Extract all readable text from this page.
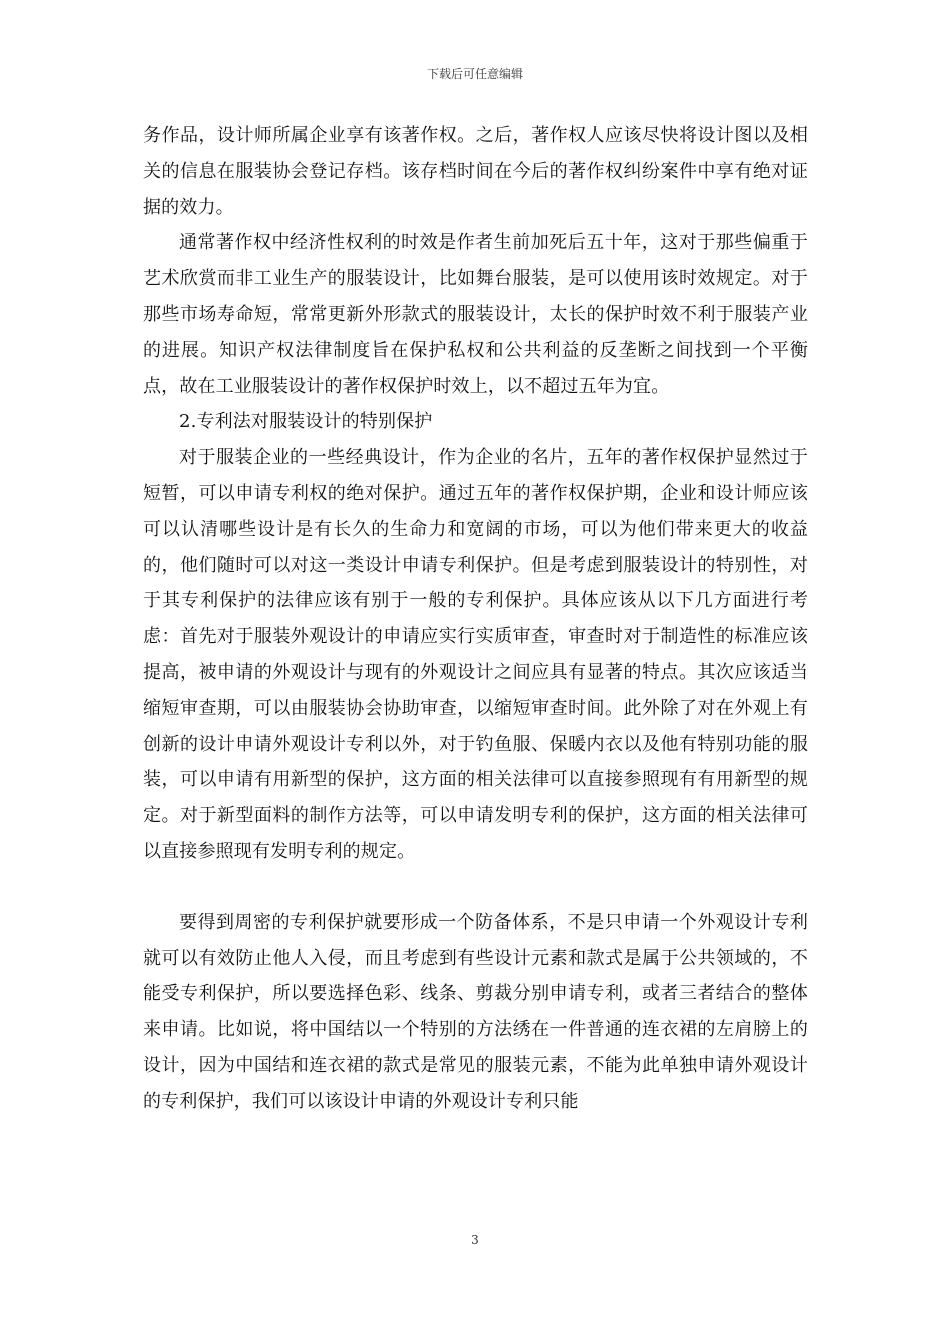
下载后可任意编辑

务作品，设计师所属企业享有该著作权。之后，著作权人应该尽快将设计图以及相关的信息在服装协会登记存档。该存档时间在今后的著作权纠纷案件中享有绝对证据的效力。

通常著作权中经济性权利的时效是作者生前加死后五十年，这对于那些偏重于艺术欣赏而非工业生产的服装设计，比如舞台服装，是可以使用该时效规定。对于那些市场寿命短，常常更新外形款式的服装设计，太长的保护时效不利于服装产业的进展。知识产权法律制度旨在保护私权和公共利益的反垄断之间找到一个平衡点，故在工业服装设计的著作权保护时效上，以不超过五年为宜。

2.专利法对服装设计的特别保护

对于服装企业的一些经典设计，作为企业的名片，五年的著作权保护显然过于短暂，可以申请专利权的绝对保护。通过五年的著作权保护期，企业和设计师应该可以认清哪些设计是有长久的生命力和宽阔的市场，可以为他们带来更大的收益的，他们随时可以对这一类设计申请专利保护。但是考虑到服装设计的特别性，对于其专利保护的法律应该有别于一般的专利保护。具体应该从以下几方面进行考虑：首先对于服装外观设计的申请应实行实质审查，审查时对于制造性的标准应该提高，被申请的外观设计与现有的外观设计之间应具有显著的特点。其次应该适当缩短审查期，可以由服装协会协助审查，以缩短审查时间。此外除了对在外观上有创新的设计申请外观设计专利以外，对于钓鱼服、保暖内衣以及他有特别功能的服装，可以申请有用新型的保护，这方面的相关法律可以直接参照现有有用新型的规定。对于新型面料的制作方法等，可以申请发明专利的保护，这方面的相关法律可以直接参照现有发明专利的规定。

要得到周密的专利保护就要形成一个防备体系，不是只申请一个外观设计专利就可以有效防止他人入侵，而且考虑到有些设计元素和款式是属于公共领域的，不能受专利保护，所以要选择色彩、线条、剪裁分别申请专利，或者三者结合的整体来申请。比如说，将中国结以一个特别的方法绣在一件普通的连衣裙的左肩膀上的设计，因为中国结和连衣裙的款式是常见的服装元素，不能为此单独申请外观设计的专利保护，我们可以该设计申请的外观设计专利只能

3
